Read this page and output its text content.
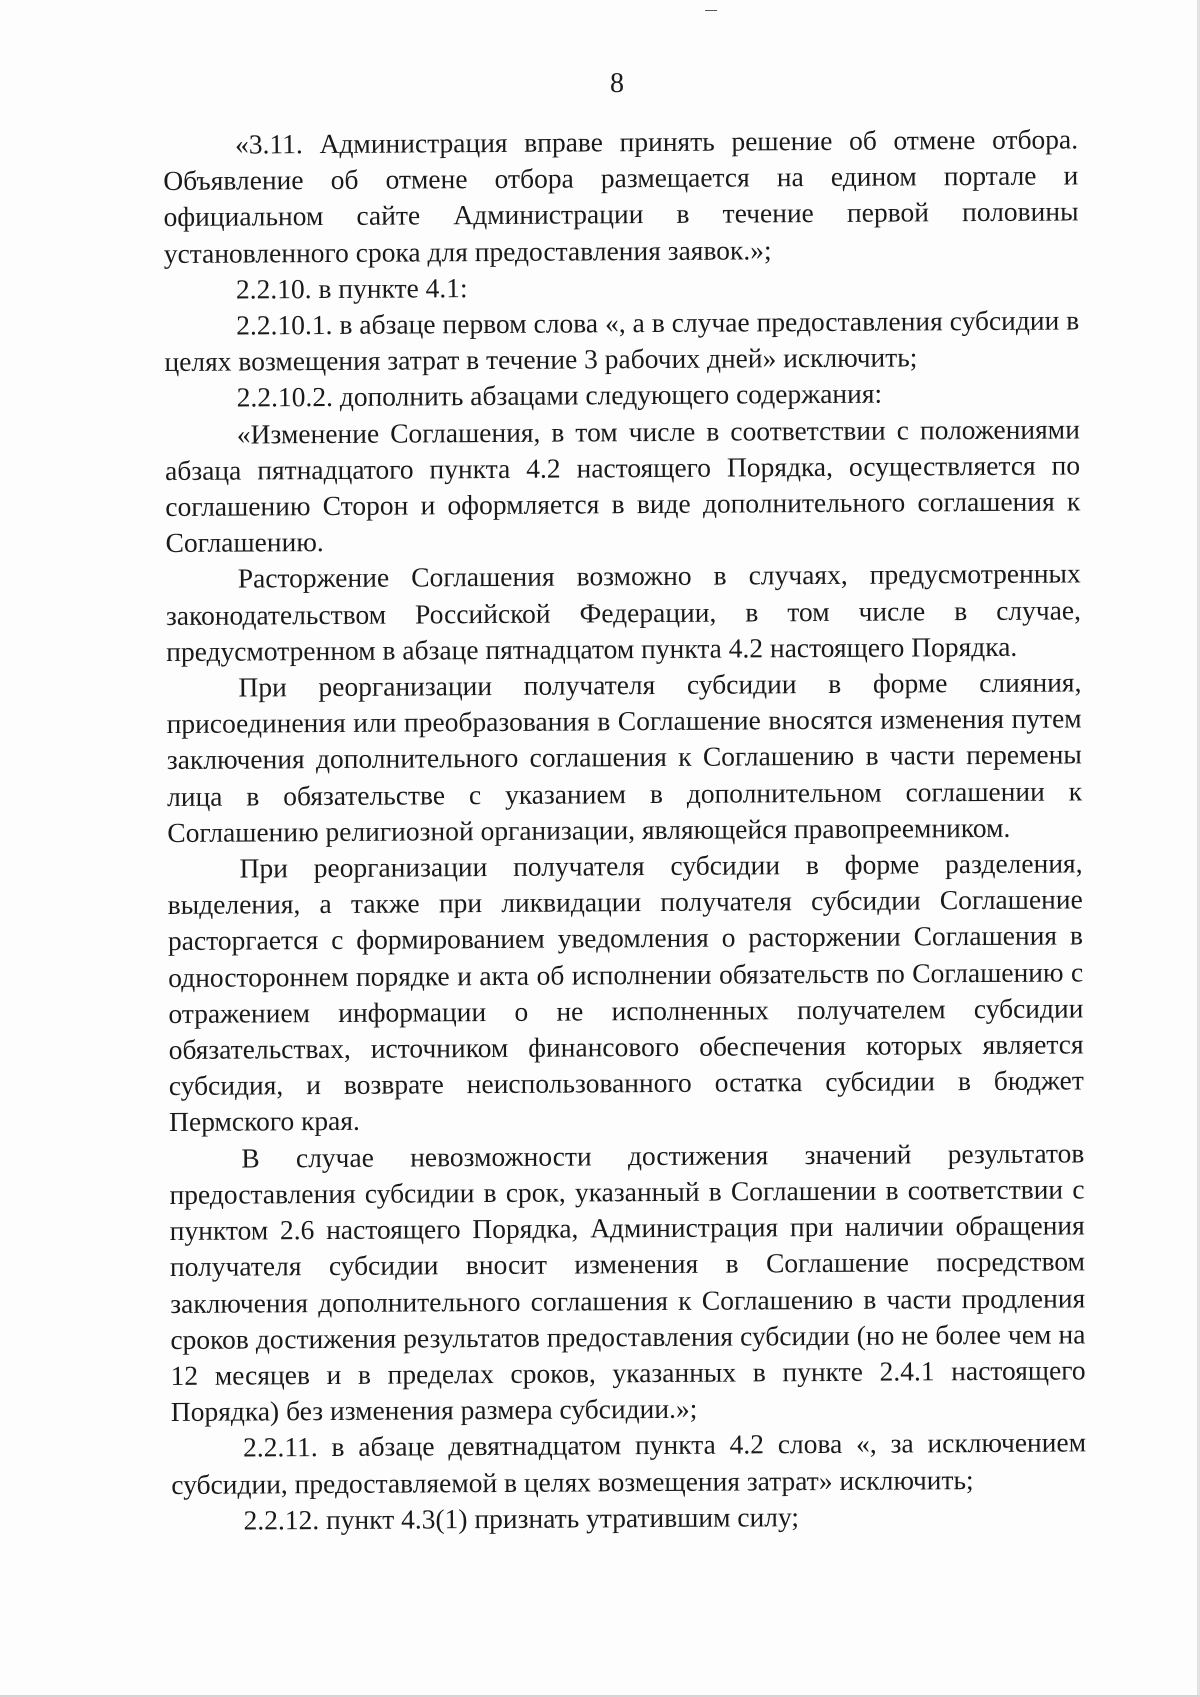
8

«3.11. Администрация вправе принять решение об отмене отбора. Объявление об отмене отбора размещается на едином портале и официальном сайте Администрации в течение первой половины установленного срока для предоставления заявок.»;

2.2.10. в пункте 4.1:

2.2.10.1. в абзаце первом слова «, а в случае предоставления субсидии в целях возмещения затрат в течение 3 рабочих дней» исключить;

2.2.10.2. дополнить абзацами следующего содержания:

«Изменение Соглашения, в том числе в соответствии с положениями абзаца пятнадцатого пункта 4.2 настоящего Порядка, осуществляется по соглашению Сторон и оформляется в виде дополнительного соглашения к Соглашению.

Расторжение Соглашения возможно в случаях, предусмотренных законодательством Российской Федерации, в том числе в случае, предусмотренном в абзаце пятнадцатом пункта 4.2 настоящего Порядка.

При реорганизации получателя субсидии в форме слияния, присоединения или преобразования в Соглашение вносятся изменения путем заключения дополнительного соглашения к Соглашению в части перемены лица в обязательстве с указанием в дополнительном соглашении к Соглашению религиозной организации, являющейся правопреемником.

При реорганизации получателя субсидии в форме разделения, выделения, а также при ликвидации получателя субсидии Соглашение расторгается с формированием уведомления о расторжении Соглашения в одностороннем порядке и акта об исполнении обязательств по Соглашению с отражением информации о не исполненных получателем субсидии обязательствах, источником финансового обеспечения которых является субсидия, и возврате неиспользованного остатка субсидии в бюджет Пермского края.

В случае невозможности достижения значений результатов предоставления субсидии в срок, указанный в Соглашении в соответствии с пунктом 2.6 настоящего Порядка, Администрация при наличии обращения получателя субсидии вносит изменения в Соглашение посредством заключения дополнительного соглашения к Соглашению в части продления сроков достижения результатов предоставления субсидии (но не более чем на 12 месяцев и в пределах сроков, указанных в пункте 2.4.1 настоящего Порядка) без изменения размера субсидии.»;

2.2.11. в абзаце девятнадцатом пункта 4.2 слова «, за исключением субсидии, предоставляемой в целях возмещения затрат» исключить;

2.2.12. пункт 4.3(1) признать утратившим силу;
